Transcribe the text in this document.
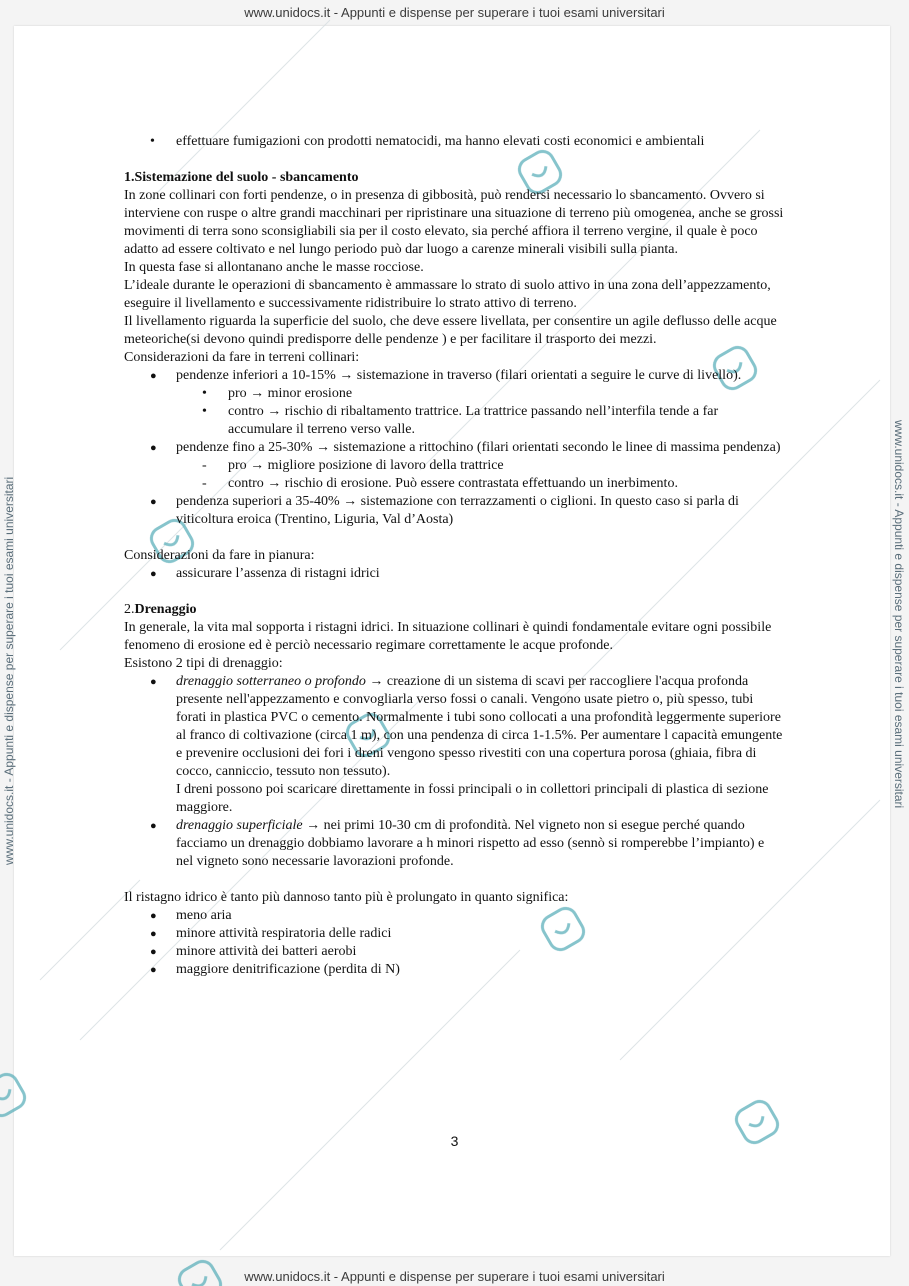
www.unidocs.it - Appunti e dispense per superare i tuoi esami universitari
www.unidocs.it - Appunti e dispense per superare i tuoi esami universitari
www.unidocs.it - Appunti e dispense per superare i tuoi esami universitari	www.unidocs.it - Appunti e dispense per superare i tuoi esami universitari
• effettuare fumigazioni con prodotti nematocidi, ma hanno elevati costi economici e ambientali

1.Sistemazione del suolo - sbancamento

In zone collinari con forti pendenze, o in presenza di gibbosità, può rendersi necessario lo sbancamento. Ovvero si interviene con ruspe o altre grandi macchinari per ripristinare una situazione di terreno più omogenea, anche se grossi movimenti di terra sono sconsigliabili sia per il costo elevato, sia perché affiora il terreno vergine, il quale è poco adatto ad essere coltivato e nel lungo periodo può dar luogo a carenze minerali visibili sulla pianta.

In questa fase si allontanano anche le masse rocciose.

L’ideale durante le operazioni di sbancamento è ammassare lo strato di suolo attivo in una zona dell’appezzamento, eseguire il livellamento e successivamente ridistribuire lo strato attivo di terreno.

Il livellamento riguarda la superficie del suolo, che deve essere livellata, per consentire un agile deflusso delle acque meteoriche(si devono quindi predisporre delle pendenze ) e per facilitare il trasporto dei mezzi.

Considerazioni da fare in terreni collinari:

● pendenze inferiori a 10-15% → sistemazione in traverso (filari orientati a seguire le curve di livello).
• pro → minor erosione
• contro → rischio di ribaltamento trattrice. La trattrice passando nell’interfila tende a far accumulare il terreno verso valle.
● pendenze fino a 25-30% → sistemazione a rittochino (filari orientati secondo le linee di massima pendenza)
- pro → migliore posizione di lavoro della trattrice
- contro → rischio di erosione. Può essere contrastata effettuando un inerbimento.
● pendenza superiori a 35-40% → sistemazione con terrazzamenti o ciglioni. In questo caso si parla di viticoltura eroica (Trentino, Liguria, Val d’Aosta)

Considerazioni da fare in pianura:

● assicurare l’assenza di ristagni idrici

2.Drenaggio

In generale, la vita mal sopporta i ristagni idrici. In situazione collinari è quindi fondamentale evitare ogni possibile fenomeno di erosione ed è perciò necessario regimare correttamente le acque profonde.

Esistono 2 tipi di drenaggio:

● drenaggio sotterraneo o profondo → creazione di un sistema di scavi per raccogliere l'acqua profonda presente nell'appezzamento e convogliarla verso fossi o canali. Vengono usate pietro o, più spesso, tubi forati in plastica PVC o cemento. Normalmente i tubi sono collocati a una profondità leggermente superiore al franco di coltivazione (circa 1 m), con una pendenza di circa 1-1.5%. Per aumentare l capacità emungente e prevenire occlusioni dei fori i dreni vengono spesso rivestiti con una copertura porosa (ghiaia, fibra di cocco, canniccio, tessuto non tessuto).

I dreni possono poi scaricare direttamente in fossi principali o in collettori principali di plastica di sezione maggiore.

● drenaggio superficiale → nei primi 10-30 cm di profondità. Nel vigneto non si esegue perché quando facciamo un drenaggio dobbiamo lavorare a h minori rispetto ad esso (sennò si romperebbe l’impianto) e nel vigneto sono necessarie lavorazioni profonde.

Il ristagno idrico è tanto più dannoso tanto più è prolungato in quanto significa:

● meno aria
● minore attività respiratoria delle radici
● minore attività dei batteri aerobi
● maggiore denitrificazione (perdita di N)
3
